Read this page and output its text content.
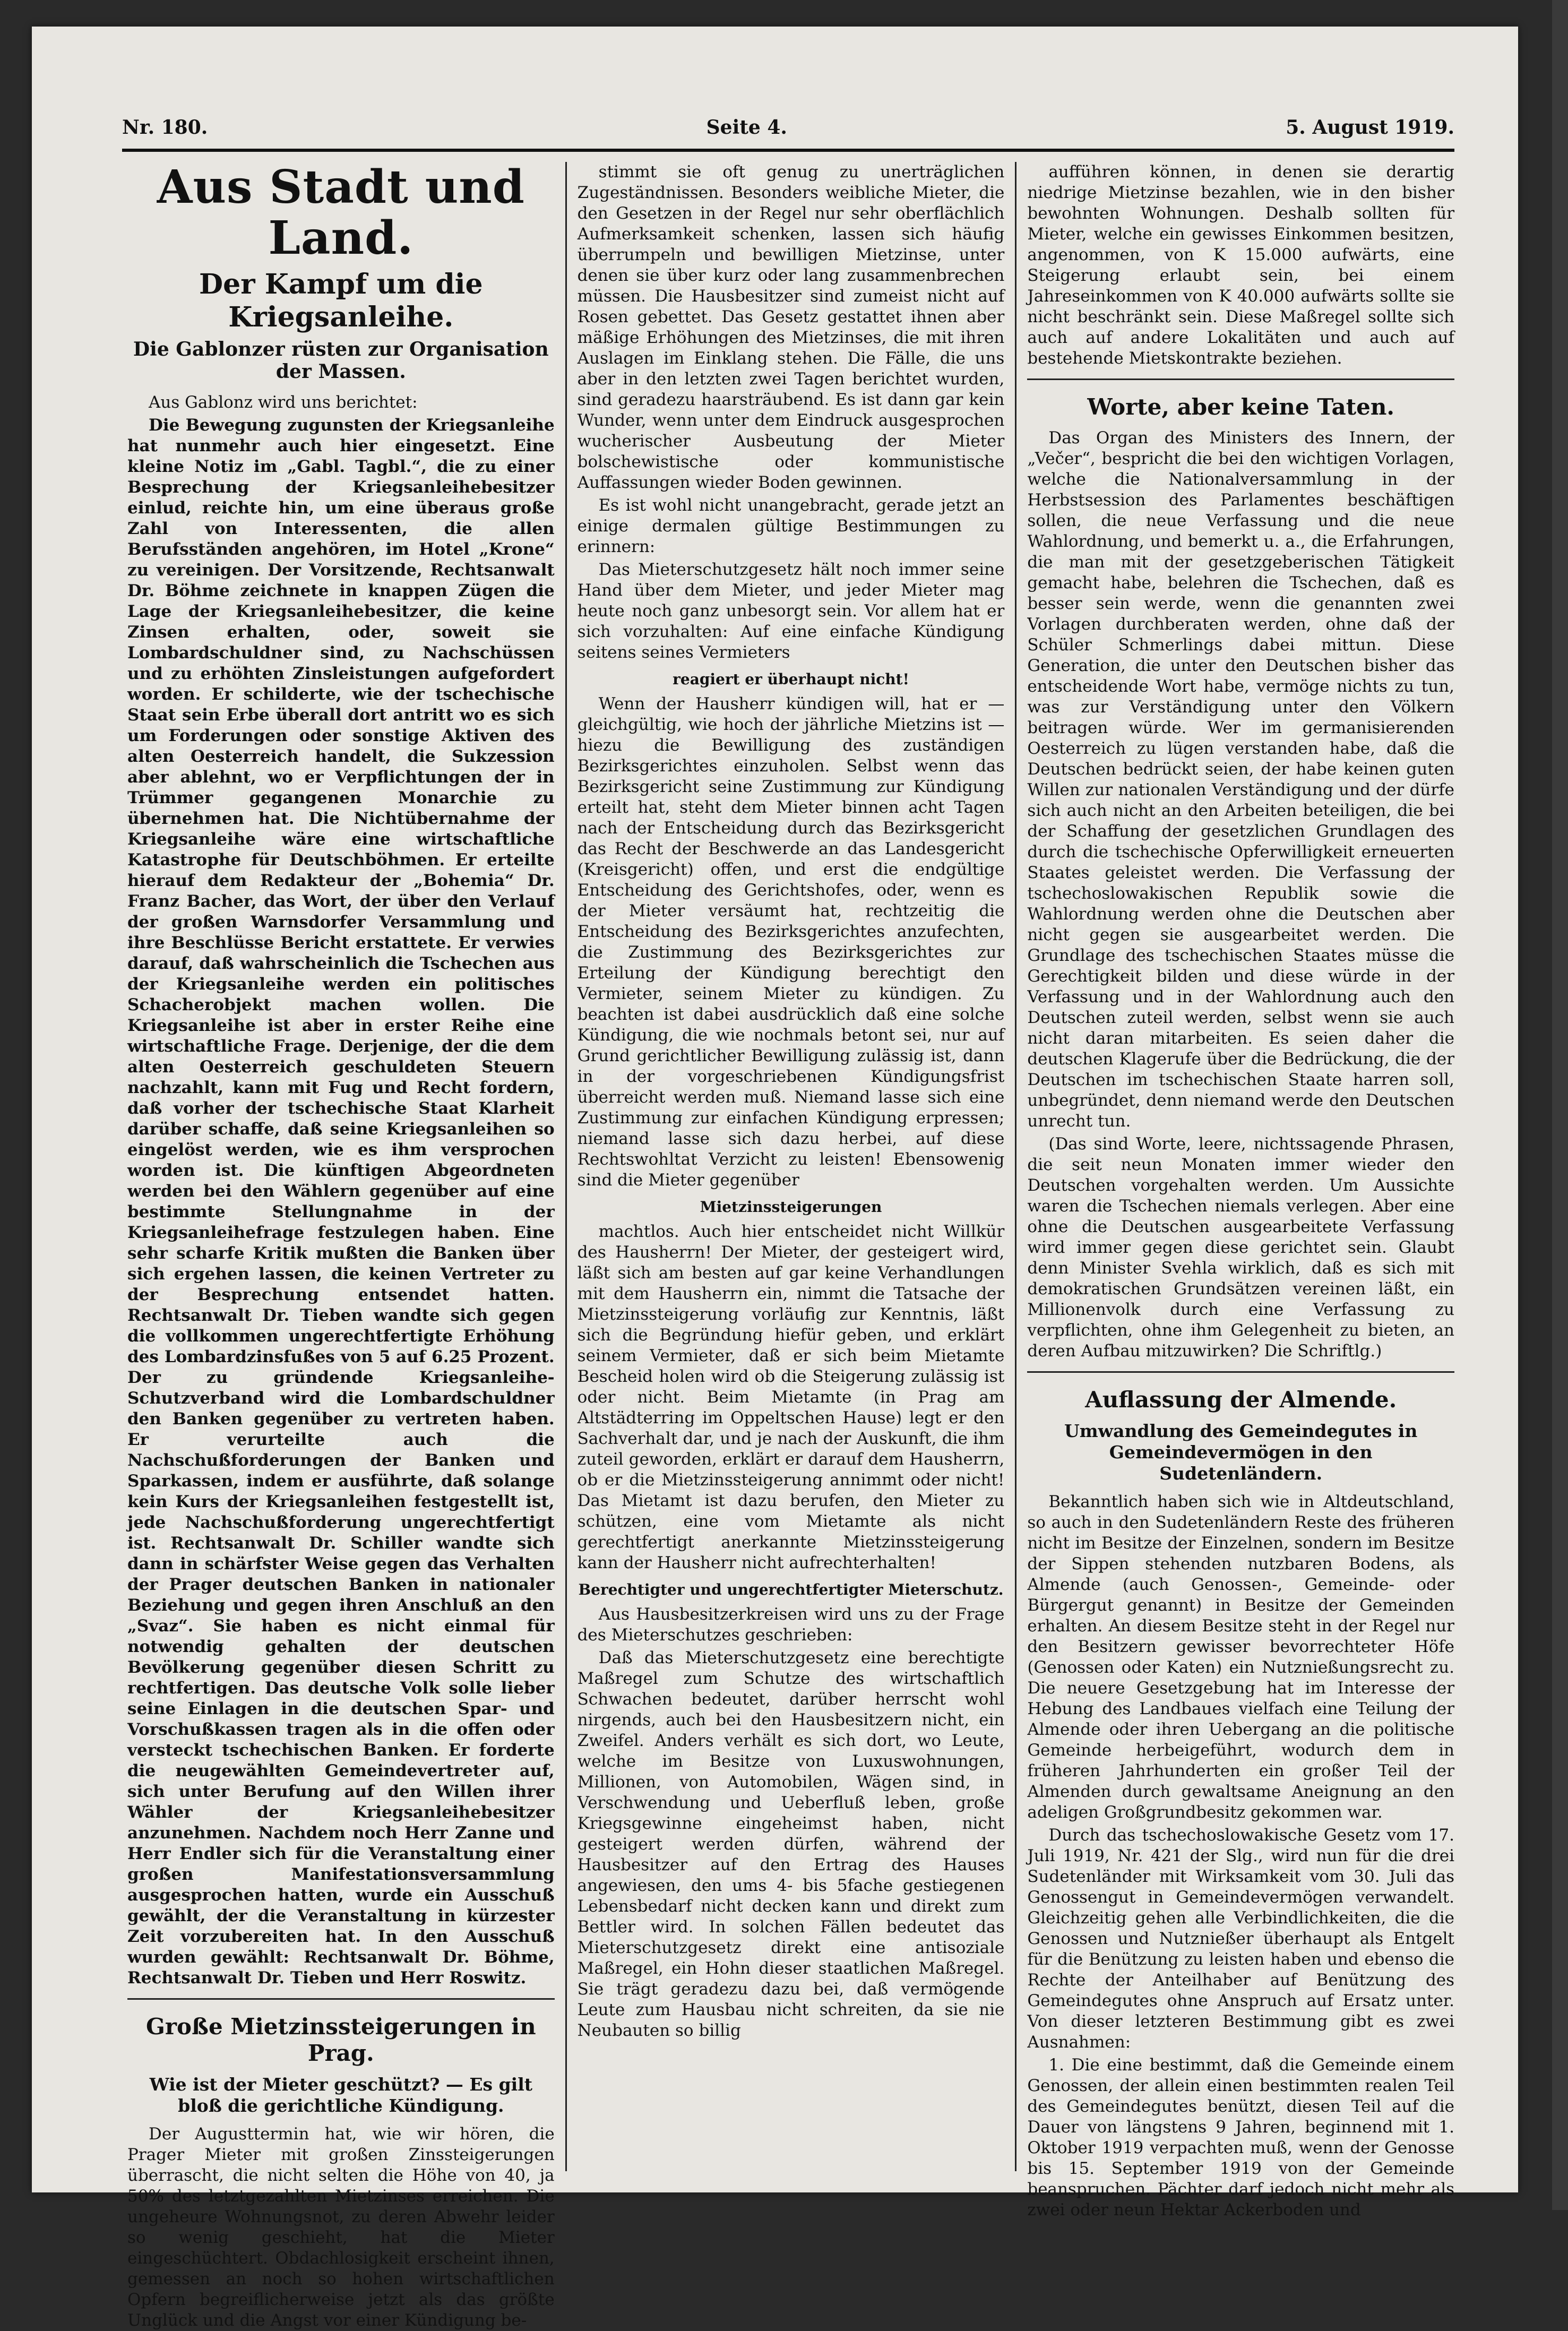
Nr. 180.	Seite 4.	5. August 1919.
Aus Stadt und Land.
Der Kampf um die Kriegsanleihe.
Die Gablonzer rüsten zur Organisation der Massen.

Aus Gablonz wird uns berichtet:

Die Bewegung zugunsten der Kriegsanleihe hat nunmehr auch hier eingesetzt. Eine kleine Notiz im „Gabl. Tagbl.“, die zu einer Besprechung der Kriegsanleihebesitzer einlud, reichte hin, um eine überaus große Zahl von Interessenten, die allen Berufsständen angehören, im Hotel „Krone“ zu vereinigen. Der Vorsitzende, Rechtsanwalt Dr. Böhme zeichnete in knappen Zügen die Lage der Kriegsanleihebesitzer, die keine Zinsen erhalten, oder, soweit sie Lombardschuldner sind, zu Nachschüssen und zu erhöhten Zinsleistungen aufgefordert worden. Er schilderte, wie der tschechische Staat sein Erbe überall dort antritt wo es sich um Forderungen oder sonstige Aktiven des alten Oesterreich handelt, die Sukzession aber ablehnt, wo er Verpflichtungen der in Trümmer gegangenen Monarchie zu übernehmen hat. Die Nichtübernahme der Kriegsanleihe wäre eine wirtschaftliche Katastrophe für Deutschböhmen. Er erteilte hierauf dem Redakteur der „Bohemia“ Dr. Franz Bacher, das Wort, der über den Verlauf der großen Warnsdorfer Versammlung und ihre Beschlüsse Bericht erstattete. Er verwies darauf, daß wahrscheinlich die Tschechen aus der Kriegsanleihe werden ein politisches Schacherobjekt machen wollen. Die Kriegsanleihe ist aber in erster Reihe eine wirtschaftliche Frage. Derjenige, der die dem alten Oesterreich geschuldeten Steuern nachzahlt, kann mit Fug und Recht fordern, daß vorher der tschechische Staat Klarheit darüber schaffe, daß seine Kriegsanleihen so eingelöst werden, wie es ihm versprochen worden ist. Die künftigen Abgeordneten werden bei den Wählern gegenüber auf eine bestimmte Stellungnahme in der Kriegsanleihefrage festzulegen haben. Eine sehr scharfe Kritik mußten die Banken über sich ergehen lassen, die keinen Vertreter zu der Besprechung entsendet hatten. Rechtsanwalt Dr. Tieben wandte sich gegen die vollkommen ungerechtfertigte Erhöhung des Lombardzinsfußes von 5 auf 6.25 Prozent. Der zu gründende Kriegsanleihe-Schutzverband wird die Lombardschuldner den Banken gegenüber zu vertreten haben. Er verurteilte auch die Nachschußforderungen der Banken und Sparkassen, indem er ausführte, daß solange kein Kurs der Kriegsanleihen festgestellt ist, jede Nachschußforderung ungerechtfertigt ist. Rechtsanwalt Dr. Schiller wandte sich dann in schärfster Weise gegen das Verhalten der Prager deutschen Banken in nationaler Beziehung und gegen ihren Anschluß an den „Svaz“. Sie haben es nicht einmal für notwendig gehalten der deutschen Bevölkerung gegenüber diesen Schritt zu rechtfertigen. Das deutsche Volk solle lieber seine Einlagen in die deutschen Spar- und Vorschußkassen tragen als in die offen oder versteckt tschechischen Banken. Er forderte die neugewählten Gemeindevertreter auf, sich unter Berufung auf den Willen ihrer Wähler der Kriegsanleihebesitzer anzunehmen. Nachdem noch Herr Zanne und Herr Endler sich für die Veranstaltung einer großen Manifestationsversammlung ausgesprochen hatten, wurde ein Ausschuß gewählt, der die Veranstaltung in kürzester Zeit vorzubereiten hat. In den Ausschuß wurden gewählt: Rechtsanwalt Dr. Böhme, Rechtsanwalt Dr. Tieben und Herr Roswitz.

Große Mietzinssteigerungen in Prag.
Wie ist der Mieter geschützt? — Es gilt bloß die gerichtliche Kündigung.

Der Augusttermin hat, wie wir hören, die Prager Mieter mit großen Zinssteigerungen überrascht, die nicht selten die Höhe von 40, ja 50% des letztgezahlten Mietzinses erreichen. Die ungeheure Wohnungsnot, zu deren Abwehr leider so wenig geschieht, hat die Mieter eingeschüchtert. Obdachlosigkeit erscheint ihnen, gemessen an noch so hohen wirtschaftlichen Opfern begreiflicherweise jetzt als das größte Unglück und die Angst vor einer Kündigung be-

stimmt sie oft genug zu unerträglichen Zugeständnissen. Besonders weibliche Mieter, die den Gesetzen in der Regel nur sehr oberflächlich Aufmerksamkeit schenken, lassen sich häufig überrumpeln und bewilligen Mietzinse, unter denen sie über kurz oder lang zusammenbrechen müssen. Die Hausbesitzer sind zumeist nicht auf Rosen gebettet. Das Gesetz gestattet ihnen aber mäßige Erhöhungen des Mietzinses, die mit ihren Auslagen im Einklang stehen. Die Fälle, die uns aber in den letzten zwei Tagen berichtet wurden, sind geradezu haarsträubend. Es ist dann gar kein Wunder, wenn unter dem Eindruck ausgesprochen wucherischer Ausbeutung der Mieter bolschewistische oder kommunistische Auffassungen wieder Boden gewinnen.

Es ist wohl nicht unangebracht, gerade jetzt an einige dermalen gültige Bestimmungen zu erinnern:

Das Mieterschutzgesetz hält noch immer seine Hand über dem Mieter, und jeder Mieter mag heute noch ganz unbesorgt sein. Vor allem hat er sich vorzuhalten: Auf eine einfache Kündigung seitens seines Vermieters

reagiert er überhaupt nicht!

Wenn der Hausherr kündigen will, hat er — gleichgültig, wie hoch der jährliche Mietzins ist — hiezu die Bewilligung des zuständigen Bezirksgerichtes einzuholen. Selbst wenn das Bezirksgericht seine Zustimmung zur Kündigung erteilt hat, steht dem Mieter binnen acht Tagen nach der Entscheidung durch das Bezirksgericht das Recht der Beschwerde an das Landesgericht (Kreisgericht) offen, und erst die endgültige Entscheidung des Gerichtshofes, oder, wenn es der Mieter versäumt hat, rechtzeitig die Entscheidung des Bezirksgerichtes anzufechten, die Zustimmung des Bezirksgerichtes zur Erteilung der Kündigung berechtigt den Vermieter, seinem Mieter zu kündigen. Zu beachten ist dabei ausdrücklich daß eine solche Kündigung, die wie nochmals betont sei, nur auf Grund gerichtlicher Bewilligung zulässig ist, dann in der vorgeschriebenen Kündigungsfrist überreicht werden muß. Niemand lasse sich eine Zustimmung zur einfachen Kündigung erpressen; niemand lasse sich dazu herbei, auf diese Rechtswohltat Verzicht zu leisten! Ebensowenig sind die Mieter gegenüber

Mietzinssteigerungen

machtlos. Auch hier entscheidet nicht Willkür des Hausherrn! Der Mieter, der gesteigert wird, läßt sich am besten auf gar keine Verhandlungen mit dem Hausherrn ein, nimmt die Tatsache der Mietzinssteigerung vorläufig zur Kenntnis, läßt sich die Begründung hiefür geben, und erklärt seinem Vermieter, daß er sich beim Mietamte Bescheid holen wird ob die Steigerung zulässig ist oder nicht. Beim Mietamte (in Prag am Altstädterring im Oppeltschen Hause) legt er den Sachverhalt dar, und je nach der Auskunft, die ihm zuteil geworden, erklärt er darauf dem Hausherrn, ob er die Mietzinssteigerung annimmt oder nicht! Das Mietamt ist dazu berufen, den Mieter zu schützen, eine vom Mietamte als nicht gerechtfertigt anerkannte Mietzinssteigerung kann der Hausherr nicht aufrechterhalten!

Berechtigter und ungerechtfertigter Mieterschutz.

Aus Hausbesitzerkreisen wird uns zu der Frage des Mieterschutzes geschrieben:

Daß das Mieterschutzgesetz eine berechtigte Maßregel zum Schutze des wirtschaftlich Schwachen bedeutet, darüber herrscht wohl nirgends, auch bei den Hausbesitzern nicht, ein Zweifel. Anders verhält es sich dort, wo Leute, welche im Besitze von Luxuswohnungen, Millionen, von Automobilen, Wägen sind, in Verschwendung und Ueberfluß leben, große Kriegsgewinne eingeheimst haben, nicht gesteigert werden dürfen, während der Hausbesitzer auf den Ertrag des Hauses angewiesen, den ums 4- bis 5fache gestiegenen Lebensbedarf nicht decken kann und direkt zum Bettler wird. In solchen Fällen bedeutet das Mieterschutzgesetz direkt eine antisoziale Maßregel, ein Hohn dieser staatlichen Maßregel. Sie trägt geradezu dazu bei, daß vermögende Leute zum Hausbau nicht schreiten, da sie nie Neubauten so billig

aufführen können, in denen sie derartig niedrige Mietzinse bezahlen, wie in den bisher bewohnten Wohnungen. Deshalb sollten für Mieter, welche ein gewisses Einkommen besitzen, angenommen, von K 15.000 aufwärts, eine Steigerung erlaubt sein, bei einem Jahreseinkommen von K 40.000 aufwärts sollte sie nicht beschränkt sein. Diese Maßregel sollte sich auch auf andere Lokalitäten und auch auf bestehende Mietskontrakte beziehen.

Worte, aber keine Taten.

Das Organ des Ministers des Innern, der „Večer“, bespricht die bei den wichtigen Vorlagen, welche die Nationalversammlung in der Herbstsession des Parlamentes beschäftigen sollen, die neue Verfassung und die neue Wahlordnung, und bemerkt u. a., die Erfahrungen, die man mit der gesetzgeberischen Tätigkeit gemacht habe, belehren die Tschechen, daß es besser sein werde, wenn die genannten zwei Vorlagen durchberaten werden, ohne daß der Schüler Schmerlings dabei mittun. Diese Generation, die unter den Deutschen bisher das entscheidende Wort habe, vermöge nichts zu tun, was zur Verständigung unter den Völkern beitragen würde. Wer im germanisierenden Oesterreich zu lügen verstanden habe, daß die Deutschen bedrückt seien, der habe keinen guten Willen zur nationalen Verständigung und der dürfe sich auch nicht an den Arbeiten beteiligen, die bei der Schaffung der gesetzlichen Grundlagen des durch die tschechische Opferwilligkeit erneuerten Staates geleistet werden. Die Verfassung der tschechoslowakischen Republik sowie die Wahlordnung werden ohne die Deutschen aber nicht gegen sie ausgearbeitet werden. Die Grundlage des tschechischen Staates müsse die Gerechtigkeit bilden und diese würde in der Verfassung und in der Wahlordnung auch den Deutschen zuteil werden, selbst wenn sie auch nicht daran mitarbeiten. Es seien daher die deutschen Klagerufe über die Bedrückung, die der Deutschen im tschechischen Staate harren soll, unbegründet, denn niemand werde den Deutschen unrecht tun.

(Das sind Worte, leere, nichtssagende Phrasen, die seit neun Monaten immer wieder den Deutschen vorgehalten werden. Um Aussichte waren die Tschechen niemals verlegen. Aber eine ohne die Deutschen ausgearbeitete Verfassung wird immer gegen diese gerichtet sein. Glaubt denn Minister Svehla wirklich, daß es sich mit demokratischen Grundsätzen vereinen läßt, ein Millionenvolk durch eine Verfassung zu verpflichten, ohne ihm Gelegenheit zu bieten, an deren Aufbau mitzuwirken? Die Schriftlg.)

Auflassung der Almende.
Umwandlung des Gemeindegutes in Gemeindevermögen in den Sudetenländern.

Bekanntlich haben sich wie in Altdeutschland, so auch in den Sudetenländern Reste des früheren nicht im Besitze der Einzelnen, sondern im Besitze der Sippen stehenden nutzbaren Bodens, als Almende (auch Genossen-, Gemeinde- oder Bürgergut genannt) in Besitze der Gemeinden erhalten. An diesem Besitze steht in der Regel nur den Besitzern gewisser bevorrechteter Höfe (Genossen oder Katen) ein Nutznießungsrecht zu. Die neuere Gesetzgebung hat im Interesse der Hebung des Landbaues vielfach eine Teilung der Almende oder ihren Uebergang an die politische Gemeinde herbeigeführt, wodurch dem in früheren Jahrhunderten ein großer Teil der Almenden durch gewaltsame Aneignung an den adeligen Großgrundbesitz gekommen war.

Durch das tschechoslowakische Gesetz vom 17. Juli 1919, Nr. 421 der Slg., wird nun für die drei Sudetenländer mit Wirksamkeit vom 30. Juli das Genossengut in Gemeindevermögen verwandelt. Gleichzeitig gehen alle Verbindlichkeiten, die die Genossen und Nutznießer überhaupt als Entgelt für die Benützung zu leisten haben und ebenso die Rechte der Anteilhaber auf Benützung des Gemeindegutes ohne Anspruch auf Ersatz unter. Von dieser letzteren Bestimmung gibt es zwei Ausnahmen:

1. Die eine bestimmt, daß die Gemeinde einem Genossen, der allein einen bestimmten realen Teil des Gemeindegutes benützt, diesen Teil auf die Dauer von längstens 9 Jahren, beginnend mit 1. Oktober 1919 verpachten muß, wenn der Genosse bis 15. September 1919 von der Gemeinde beanspruchen. Pächter darf jedoch nicht mehr als zwei oder neun Hektar Ackerboden und
